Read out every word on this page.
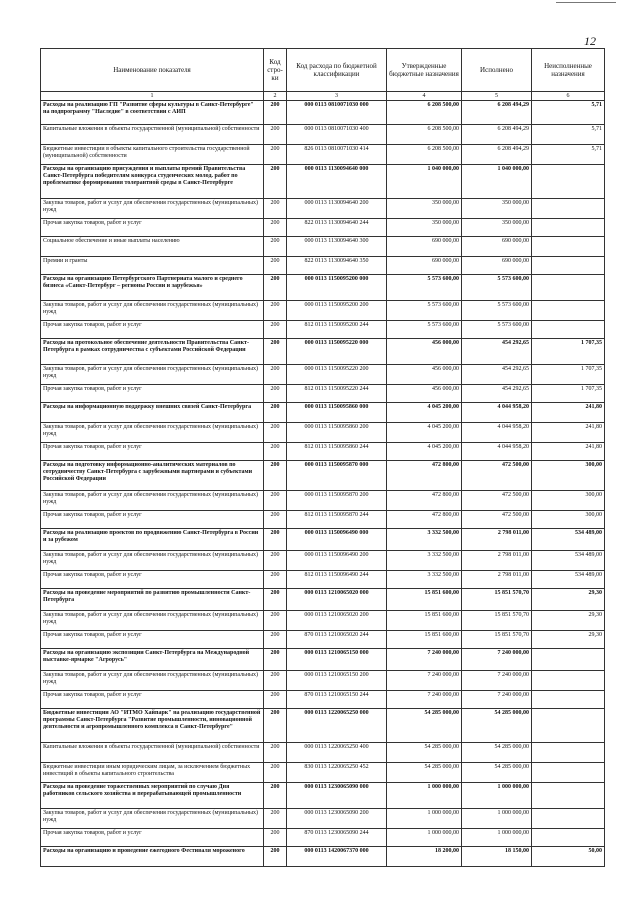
12
Наименование показателя	Код стро-ки	Код расхода по бюджетной классификации	Утвержденные бюджетные назначения	Исполнено	Неисполненные назначения
1	2	3	4	5	6
Расходы на реализацию ГП "Развитие сферы культуры в Санкт-Петербурге" на подпрограмму "Наследие" в соответствии с АИП	200	000 0113 0810071030 000	6 208 500,00	6 208 494,29	5,71
Капитальные вложения в объекты государственной (муниципальной) собственности	200	000 0113 0810071030 400	6 208 500,00	6 208 494,29	5,71
Бюджетные инвестиции в объекты капитального строительства государственной (муниципальной) собственности	200	826 0113 0810071030 414	6 208 500,00	6 208 494,29	5,71
Расходы на организацию присуждения и выплаты премий Правительства Санкт-Петербурга победителям конкурса студенческих молод. работ по проблематике формирования толерантной среды в Санкт-Петербурге	200	000 0113 1130094640 000	1 040 000,00	1 040 000,00	
Закупка товаров, работ и услуг для обеспечения государственных (муниципальных) нужд	200	000 0113 1130094640 200	350 000,00	350 000,00	
Прочая закупка товаров, работ и услуг	200	822 0113 1130094640 244	350 000,00	350 000,00	
Социальное обеспечение и иные выплаты населению	200	000 0113 1130094640 300	690 000,00	690 000,00	
Премии и гранты	200	822 0113 1130094640 350	690 000,00	690 000,00	
Расходы на организацию Петербургского Партнериата малого и среднего бизнеса «Санкт-Петербург – регионы России и зарубежья»	200	000 0113 1150095200 000	5 573 600,00	5 573 600,00	
Закупка товаров, работ и услуг для обеспечения государственных (муниципальных) нужд	200	000 0113 1150095200 200	5 573 600,00	5 573 600,00	
Прочая закупка товаров, работ и услуг	200	812 0113 1150095200 244	5 573 600,00	5 573 600,00	
Расходы на протокольное обеспечение деятельности Правительства Санкт-Петербурга в рамках сотрудничества с субъектами Российской Федерации	200	000 0113 1150095220 000	456 000,00	454 292,65	1 707,35
Закупка товаров, работ и услуг для обеспечения государственных (муниципальных) нужд	200	000 0113 1150095220 200	456 000,00	454 292,65	1 707,35
Прочая закупка товаров, работ и услуг	200	812 0113 1150095220 244	456 000,00	454 292,65	1 707,35
Расходы на информационную поддержку внешних связей Санкт-Петербурга	200	000 0113 1150095860 000	4 045 200,00	4 044 958,20	241,80
Закупка товаров, работ и услуг для обеспечения государственных (муниципальных) нужд	200	000 0113 1150095860 200	4 045 200,00	4 044 958,20	241,80
Прочая закупка товаров, работ и услуг	200	812 0113 1150095860 244	4 045 200,00	4 044 958,20	241,80
Расходы на подготовку информационно-аналитических материалов по сотрудничеству Санкт-Петербурга с зарубежными партнерами и субъектами Российской Федерации	200	000 0113 1150095870 000	472 800,00	472 500,00	300,00
Закупка товаров, работ и услуг для обеспечения государственных (муниципальных) нужд	200	000 0113 1150095870 200	472 800,00	472 500,00	300,00
Прочая закупка товаров, работ и услуг	200	812 0113 1150095870 244	472 800,00	472 500,00	300,00
Расходы на реализацию проектов по продвижению Санкт-Петербурга в России и за рубежом	200	000 0113 1150096490 000	3 332 500,00	2 798 011,00	534 489,00
Закупка товаров, работ и услуг для обеспечения государственных (муниципальных) нужд	200	000 0113 1150096490 200	3 332 500,00	2 798 011,00	534 489,00
Прочая закупка товаров, работ и услуг	200	812 0113 1150096490 244	3 332 500,00	2 798 011,00	534 489,00
Расходы на проведение мероприятий по развитию промышленности Санкт-Петербурга	200	000 0113 1210065020 000	15 851 600,00	15 851 570,70	29,30
Закупка товаров, работ и услуг для обеспечения государственных (муниципальных) нужд	200	000 0113 1210065020 200	15 851 600,00	15 851 570,70	29,30
Прочая закупка товаров, работ и услуг	200	870 0113 1210065020 244	15 851 600,00	15 851 570,70	29,30
Расходы на организацию экспозиции Санкт-Петербурга на Международной выставке-ярмарке "Агрорусь"	200	000 0113 1210065150 000	7 240 000,00	7 240 000,00	
Закупка товаров, работ и услуг для обеспечения государственных (муниципальных) нужд	200	000 0113 1210065150 200	7 240 000,00	7 240 000,00	
Прочая закупка товаров, работ и услуг	200	870 0113 1210065150 244	7 240 000,00	7 240 000,00	
Бюджетные инвестиции АО "ИТМО Хайпарк" на реализацию государственной программы Санкт-Петербурга "Развитие промышленности, инновационной деятельности и агропромышленного комплекса в Санкт-Петербурге"	200	000 0113 1220065250 000	54 285 000,00	54 285 000,00	
Капитальные вложения в объекты государственной (муниципальной) собственности	200	000 0113 1220065250 400	54 285 000,00	54 285 000,00	
Бюджетные инвестиции иным юридическим лицам, за исключением бюджетных инвестиций в объекты капитального строительства	200	830 0113 1220065250 452	54 285 000,00	54 285 000,00	
Расходы на проведение торжественных мероприятий по случаю Дня работников сельского хозяйства и перерабатывающей промышленности	200	000 0113 1230065090 000	1 000 000,00	1 000 000,00	
Закупка товаров, работ и услуг для обеспечения государственных (муниципальных) нужд	200	000 0113 1230065090 200	1 000 000,00	1 000 000,00	
Прочая закупка товаров, работ и услуг	200	870 0113 1230065090 244	1 000 000,00	1 000 000,00	
Расходы на организацию и проведение ежегодного Фестиваля мороженого	200	000 0113 1420067370 000	18 200,00	18 150,00	50,00
